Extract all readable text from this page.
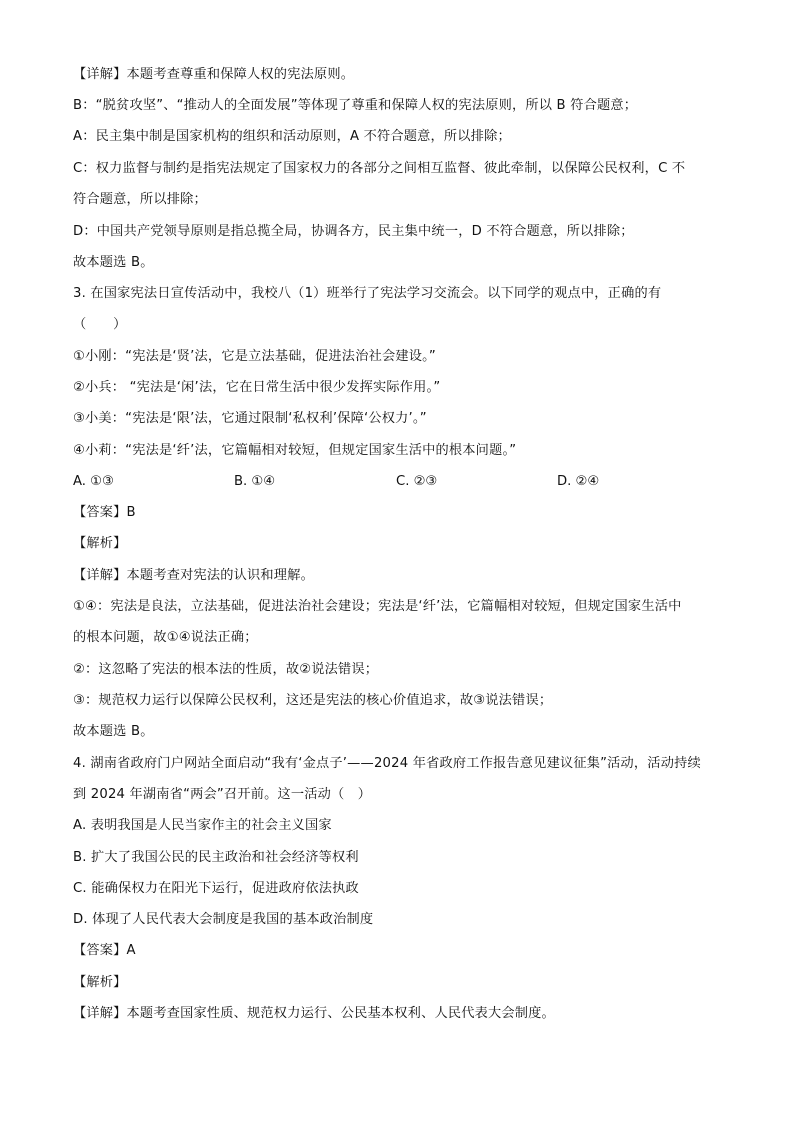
【详解】本题考查尊重和保障人权的宪法原则。
B：“脱贫攻坚”、“推动人的全面发展”等体现了尊重和保障人权的宪法原则，所以 B 符合题意；
A：民主集中制是国家机构的组织和活动原则，A 不符合题意，所以排除；
C：权力监督与制约是指宪法规定了国家权力的各部分之间相互监督、彼此牵制，以保障公民权利，C 不
符合题意，所以排除；
D：中国共产党领导原则是指总揽全局，协调各方，民主集中统一，D 不符合题意，所以排除；
故本题选 B。
3. 在国家宪法日宣传活动中，我校八（1）班举行了宪法学习交流会。以下同学的观点中，正确的有
（　　）
①小刚：“宪法是‘贤’法，它是立法基础，促进法治社会建设。”
②小兵： “宪法是‘闲’法，它在日常生活中很少发挥实际作用。”
③小美：“宪法是‘限’法，它通过限制‘私权利’保障‘公权力’。”
④小莉：“宪法是‘纤’法，它篇幅相对较短，但规定国家生活中的根本问题。”
A. ①③	B. ①④	C. ②③	D. ②④
【答案】B
【解析】
【详解】本题考查对宪法的认识和理解。
①④：宪法是良法，立法基础，促进法治社会建设；宪法是‘纤’法，它篇幅相对较短，但规定国家生活中
的根本问题，故①④说法正确；
②：这忽略了宪法的根本法的性质，故②说法错误；
③：规范权力运行以保障公民权利，这还是宪法的核心价值追求，故③说法错误；
故本题选 B。
4. 湖南省政府门户网站全面启动“我有‘金点子’——2024 年省政府工作报告意见建议征集”活动，活动持续
到 2024 年湖南省“两会”召开前。这一活动（　）
A. 表明我国是人民当家作主的社会主义国家
B. 扩大了我国公民的民主政治和社会经济等权利
C. 能确保权力在阳光下运行，促进政府依法执政
D. 体现了人民代表大会制度是我国的基本政治制度
【答案】A
【解析】
【详解】本题考查国家性质、规范权力运行、公民基本权利、人民代表大会制度。
